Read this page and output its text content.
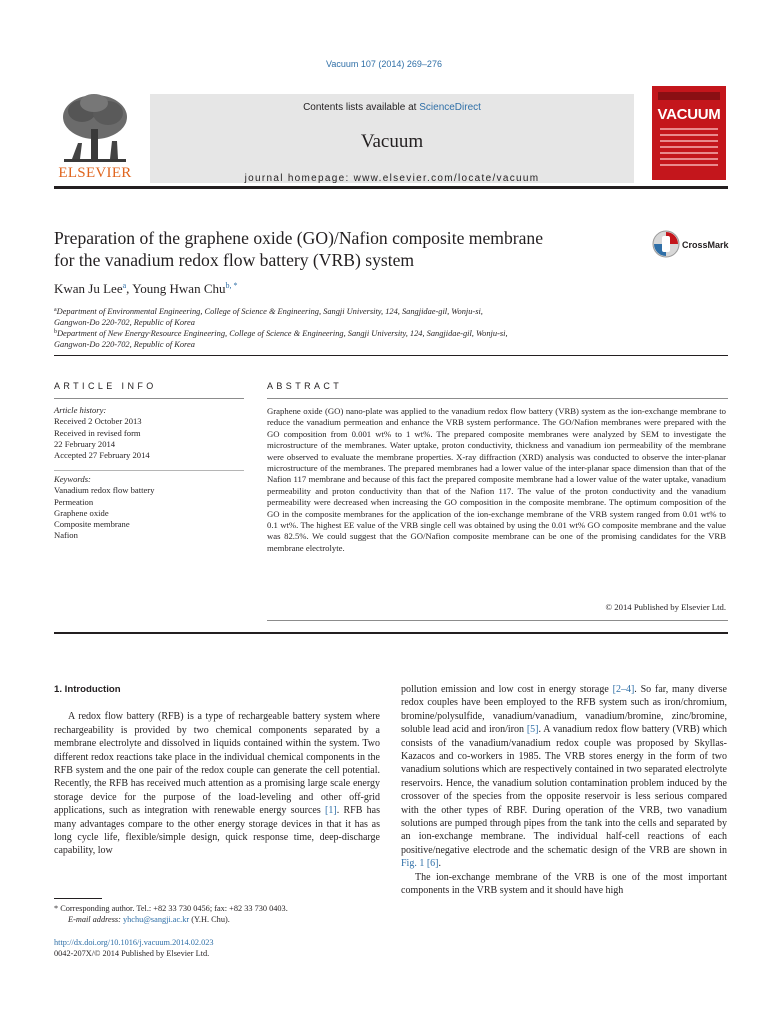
Vacuum 107 (2014) 269–276
ELSEVIER
Contents lists available at ScienceDirect
Vacuum
journal homepage: www.elsevier.com/locate/vacuum
VACUUM
Preparation of the graphene oxide (GO)/Nafion composite membrane
for the vanadium redox flow battery (VRB) system
CrossMark
Kwan Ju Lee$^a$, Young Hwan Chu$^{b, *}$
$^a$Department of Environmental Engineering, College of Science & Engineering, Sangji University, 124, Sangjidae-gil, Wonju-si,
Gangwon-Do 220-702, Republic of Korea
$^b$Department of New Energy·Resource Engineering, College of Science & Engineering, Sangji University, 124, Sangjidae-gil, Wonju-si,
Gangwon-Do 220-702, Republic of Korea
ARTICLE INFO	ABSTRACT
Article history:
Received 2 October 2013
Received in revised form
22 February 2014
Accepted 27 February 2014
Keywords:
Vanadium redox flow battery
Permeation
Graphene oxide
Composite membrane
Nafion
Graphene oxide (GO) nano-plate was applied to the vanadium redox flow battery (VRB) system as the ion-exchange membrane to reduce the vanadium permeation and enhance the VRB system performance. The GO/Nafion membranes were prepared with the GO composition from 0.001 wt% to 1 wt%. The prepared composite membranes were analyzed by SEM to investigate the microstructure of the membranes. Water uptake, proton conductivity, thickness and vanadium ion permeability of the membrane were observed to evaluate the membrane properties. X-ray diffraction (XRD) analysis was conducted to observe the inter-planar microstructure of the membranes. The prepared membranes had a lower value of the inter-planar space dimension than that of the Nafion 117 membrane and because of this fact the prepared composite membrane had a lower value of the water uptake, vanadium permeability and proton conductivity than that of the Nafion 117. The value of the proton conductivity and the vanadium permeability were decreased when increasing the GO composition in the composite membrane. The optimum composition of the GO in the composite membranes for the application of the ion-exchange membrane of the VRB system ranged from 0.01 wt% to 0.1 wt%. The highest EE value of the VRB single cell was obtained by using the 0.01 wt% GO composite membrane and the value was 82.5%. We could suggest that the GO/Nafion composite membrane can be one of the promising candidates for the VRB membrane electrolyte.
© 2014 Published by Elsevier Ltd.
1. Introduction

A redox flow battery (RFB) is a type of rechargeable battery system where rechargeability is provided by two chemical components separated by a membrane electrolyte and dissolved in liquids contained within the system. Two different redox reactions take place in the individual chemical components in the RFB system and the one pair of the redox couple can generate the cell potential. Recently, the RFB has received much attention as a promising large scale energy storage device for the purpose of the load-leveling and other off-grid applications, such as integration with renewable energy sources [1]. RFB has many advantages compare to the other energy storage devices in that it has as long cycle life, flexible/simple design, quick response time, deep-discharge capability, low

pollution emission and low cost in energy storage [2–4]. So far, many diverse redox couples have been employed to the RFB system such as iron/chromium, bromine/polysulfide, vanadium/vanadium, vanadium/bromine, zinc/bromine, soluble lead acid and iron/iron [5]. A vanadium redox flow battery (VRB) which consists of the vanadium/vanadium redox couple was proposed by Skyllas-Kazacos and co-workers in 1985. The VRB stores energy in the form of two vanadium solutions which are respectively contained in two separated electrolyte reservoirs. Hence, the vanadium solution contamination problem induced by the crossover of the species from the opposite reservoir is less serious compared with the other types of RBF. During operation of the VRB, two vanadium solutions are pumped through pipes from the tank into the cells and separated by an ion-exchange membrane. The individual half-cell reactions of each positive/negative electrode and the schematic design of the VRB are shown in Fig. 1 [6].

The ion-exchange membrane of the VRB is one of the most important components in the VRB system and it should have high

* Corresponding author. Tel.: +82 33 730 0456; fax: +82 33 730 0403.
E-mail address: yhchu@sangji.ac.kr (Y.H. Chu).
http://dx.doi.org/10.1016/j.vacuum.2014.02.023
0042-207X/© 2014 Published by Elsevier Ltd.
